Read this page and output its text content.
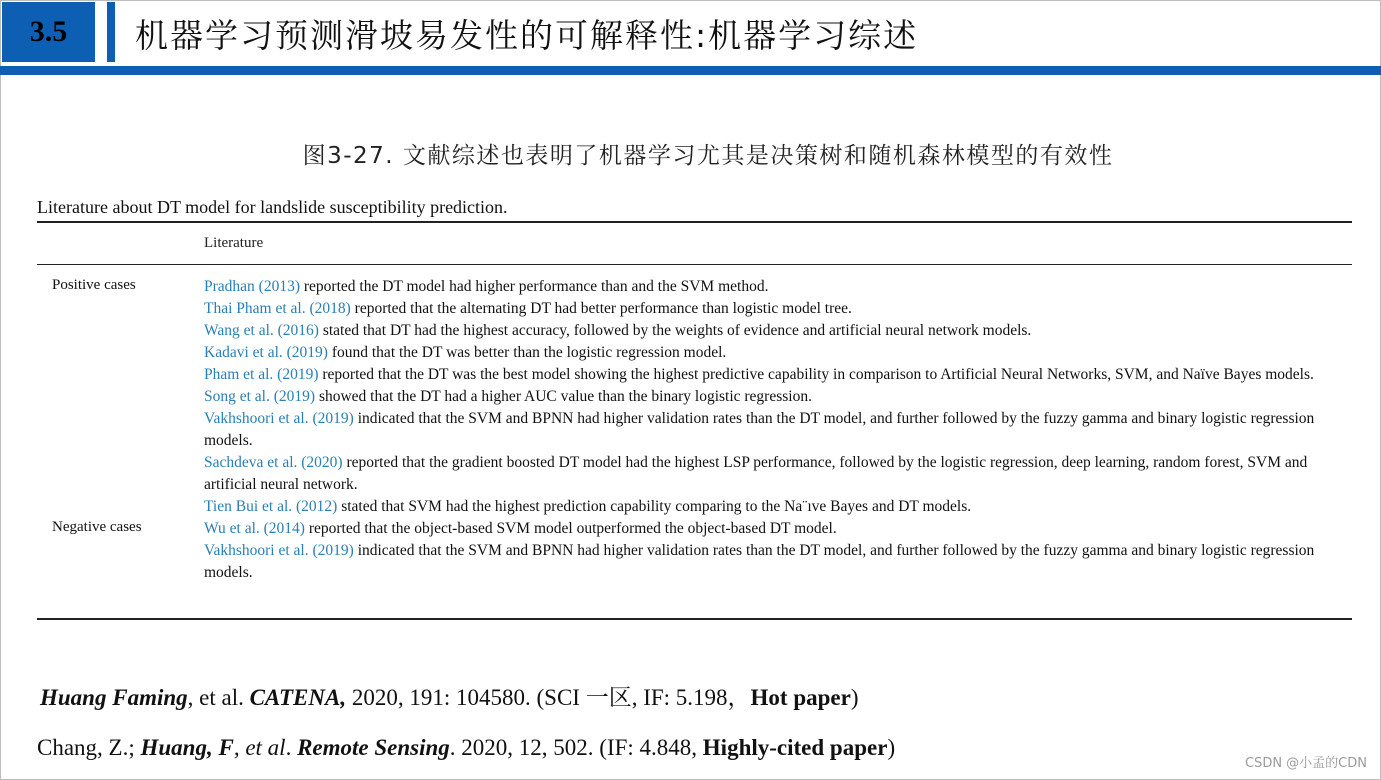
3.5	机器学习预测滑坡易发性的可解释性:机器学习综述
图3-27. 文献综述也表明了机器学习尤其是决策树和随机森林模型的有效性
Literature about DT model for landslide susceptibility prediction.
Literature
Positive cases
Negative cases

Pradhan (2013) reported the DT model had higher performance than and the SVM method.

Thai Pham et al. (2018) reported that the alternating DT had better performance than logistic model tree.

Wang et al. (2016) stated that DT had the highest accuracy, followed by the weights of evidence and artificial neural network models.

Kadavi et al. (2019) found that the DT was better than the logistic regression model.

Pham et al. (2019) reported that the DT was the best model showing the highest predictive capability in comparison to Artificial Neural Networks, SVM, and Naïve Bayes models.

Song et al. (2019) showed that the DT had a higher AUC value than the binary logistic regression.

Vakhshoori et al. (2019) indicated that the SVM and BPNN had higher validation rates than the DT model, and further followed by the fuzzy gamma and binary logistic regression models.

Sachdeva et al. (2020) reported that the gradient boosted DT model had the highest LSP performance, followed by the logistic regression, deep learning, random forest, SVM and artificial neural network.

Tien Bui et al. (2012) stated that SVM had the highest prediction capability comparing to the Na¨ıve Bayes and DT models.

Wu et al. (2014) reported that the object-based SVM model outperformed the object-based DT model.

Vakhshoori et al. (2019) indicated that the SVM and BPNN had higher validation rates than the DT model, and further followed by the fuzzy gamma and binary logistic regression models.

Huang Faming, et al. CATENA, 2020, 191: 104580. (SCI 一区, IF: 5.198，Hot paper)
Chang, Z.; Huang, F, et al. Remote Sensing. 2020, 12, 502. (IF: 4.848, Highly-cited paper)
CSDN @小孟的CDN
